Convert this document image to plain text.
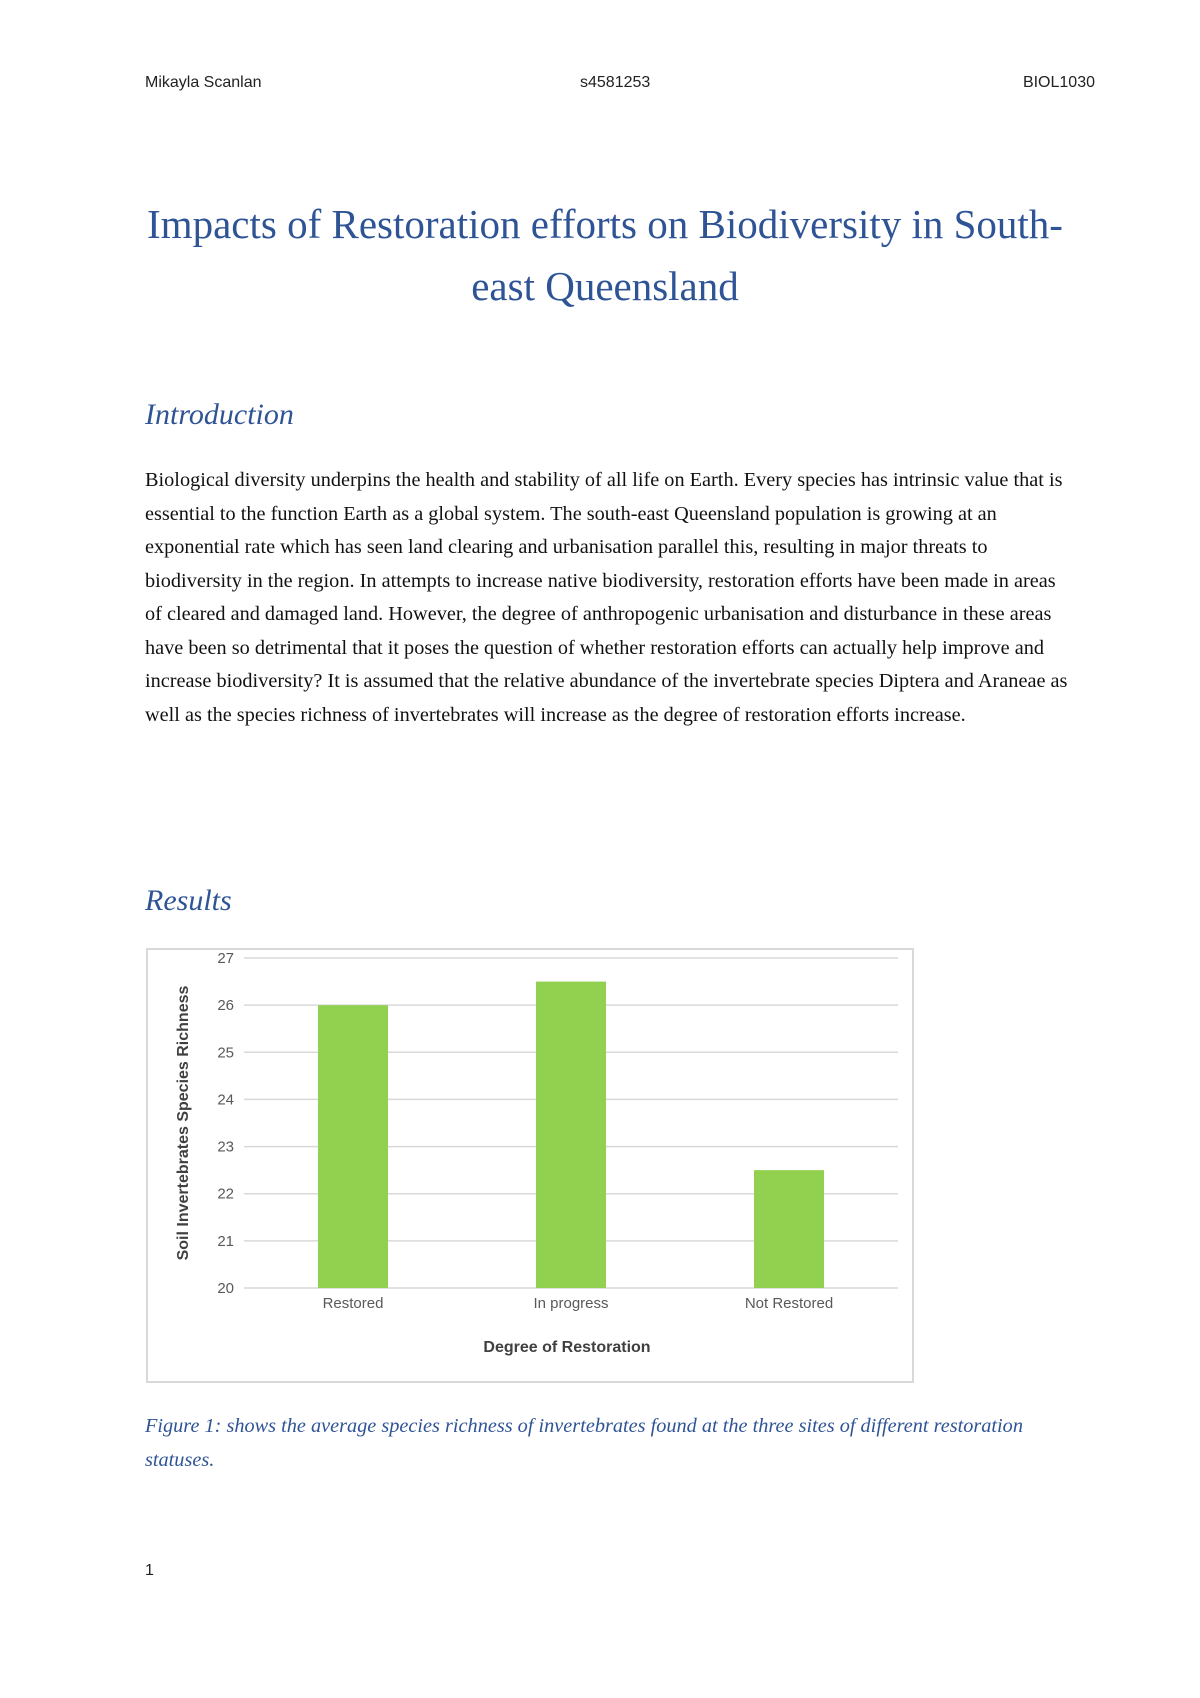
Mikayla Scanlan	s4581253	BIOL1030
Impacts of Restoration efforts on Biodiversity in South-east Queensland
Introduction

Biological diversity underpins the health and stability of all life on Earth. Every species has intrinsic value that is essential to the function Earth as a global system. The south-east Queensland population is growing at an exponential rate which has seen land clearing and urbanisation parallel this, resulting in major threats to biodiversity in the region. In attempts to increase native biodiversity, restoration efforts have been made in areas of cleared and damaged land. However, the degree of anthropogenic urbanisation and disturbance in these areas have been so detrimental that it poses the question of whether restoration efforts can actually help improve and increase biodiversity? It is assumed that the relative abundance of the invertebrate species Diptera and Araneae as well as the species richness of invertebrates will increase as the degree of restoration efforts increase.

Results
20
21
22
23
24
25
26
27
Restored	In progress	Not Restored
Degree of Restoration
Soil Invertebrates Species Richness

Figure 1: shows the average species richness of invertebrates found at the three sites of different restoration statuses.

1
